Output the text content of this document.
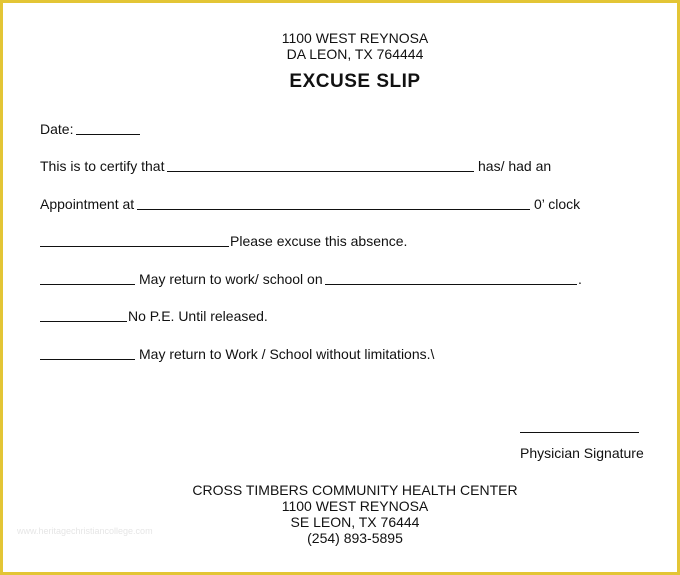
1100 WEST REYNOSA
DA LEON, TX 764444
EXCUSE SLIP
Date:
This is to certify that	has/ had an
Appointment at	0’ clock
Please excuse this absence.
May return to work/ school on	.
No P.E. Until released.
May return to Work / School without limitations.\
Physician Signature
CROSS TIMBERS COMMUNITY HEALTH CENTER
1100 WEST REYNOSA
SE LEON, TX 76444
(254) 893-5895
www.heritagechristiancollege.com
